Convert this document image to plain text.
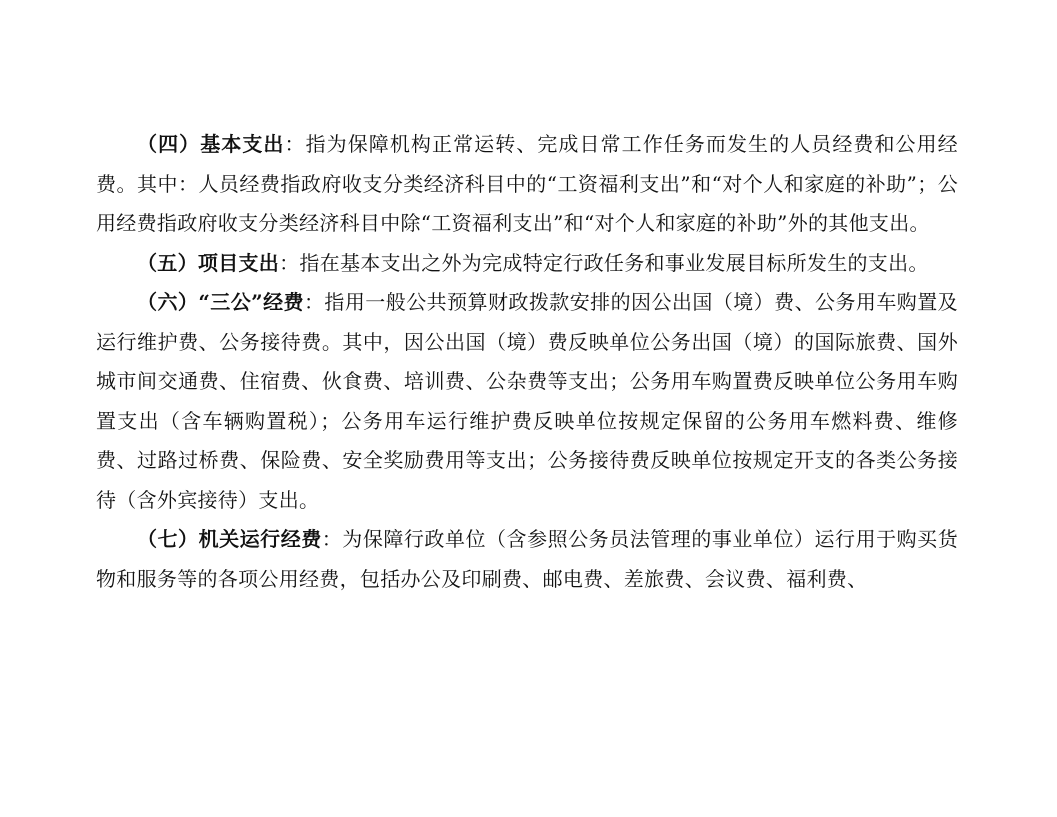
（四）基本支出：指为保障机构正常运转、完成日常工作任务而发生的人员经费和公用经费。其中：人员经费指政府收支分类经济科目中的“工资福利支出”和“对个人和家庭的补助”；公用经费指政府收支分类经济科目中除“工资福利支出”和“对个人和家庭的补助”外的其他支出。

（五）项目支出：指在基本支出之外为完成特定行政任务和事业发展目标所发生的支出。

（六）“三公”经费：指用一般公共预算财政拨款安排的因公出国（境）费、公务用车购置及运行维护费、公务接待费。其中，因公出国（境）费反映单位公务出国（境）的国际旅费、国外城市间交通费、住宿费、伙食费、培训费、公杂费等支出；公务用车购置费反映单位公务用车购置支出（含车辆购置税）；公务用车运行维护费反映单位按规定保留的公务用车燃料费、维修费、过路过桥费、保险费、安全奖励费用等支出；公务接待费反映单位按规定开支的各类公务接待（含外宾接待）支出。

（七）机关运行经费：为保障行政单位（含参照公务员法管理的事业单位）运行用于购买货物和服务等的各项公用经费，包括办公及印刷费、邮电费、差旅费、会议费、福利费、
